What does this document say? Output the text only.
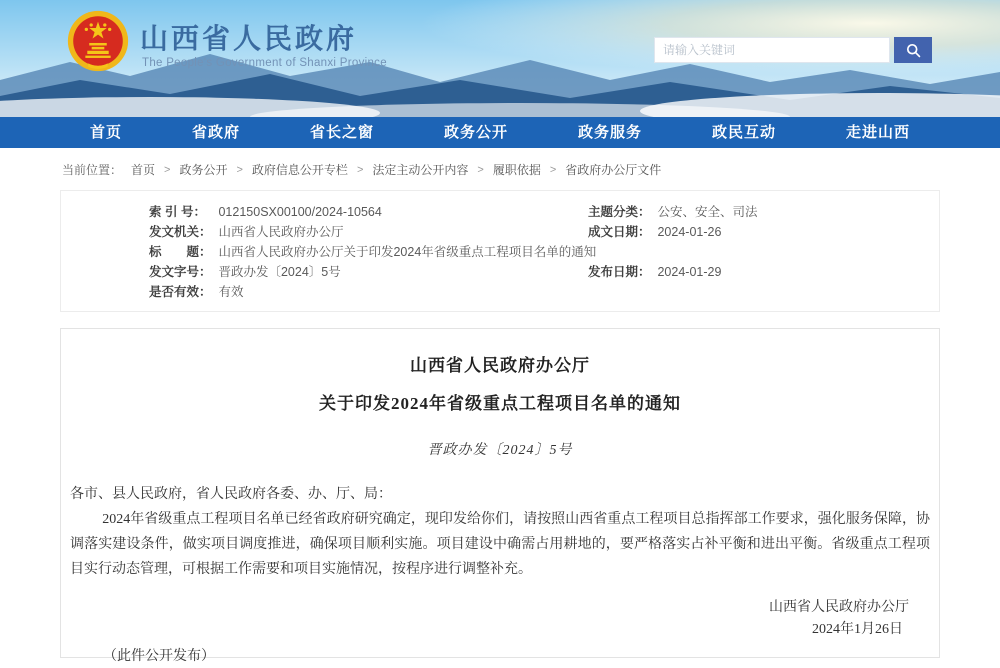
山西省人民政府
The People's Government of Shanxi Province
请输入关键词
首页	省政府	省长之窗	政务公开	政务服务	政民互动	走进山西
当前位置： 首页 > 政务公开 > 政府信息公开专栏 > 法定主动公开内容 > 履职依据 > 省政府办公厅文件
索 引 号： 012150SX00100/2024-10564
发文机关： 山西省人民政府办公厅
标　　题： 山西省人民政府办公厅关于印发2024年省级重点工程项目名单的通知
发文字号： 晋政办发〔2024〕5号
是否有效： 有效
主题分类： 公安、安全、司法
成文日期： 2024-01-26
发布日期： 2024-01-29
山西省人民政府办公厅
关于印发2024年省级重点工程项目名单的通知
晋政办发〔2024〕5号
各市、县人民政府，省人民政府各委、办、厅、局：
2024年省级重点工程项目名单已经省政府研究确定，现印发给你们，请按照山西省重点工程项目总指挥部工作要求，强化服务保障，协调落实建设条件，做实项目调度推进，确保项目顺利实施。项目建设中确需占用耕地的，要严格落实占补平衡和进出平衡。省级重点工程项目实行动态管理，可根据工作需要和项目实施情况，按程序进行调整补充。
山西省人民政府办公厅
2024年1月26日
（此件公开发布）
